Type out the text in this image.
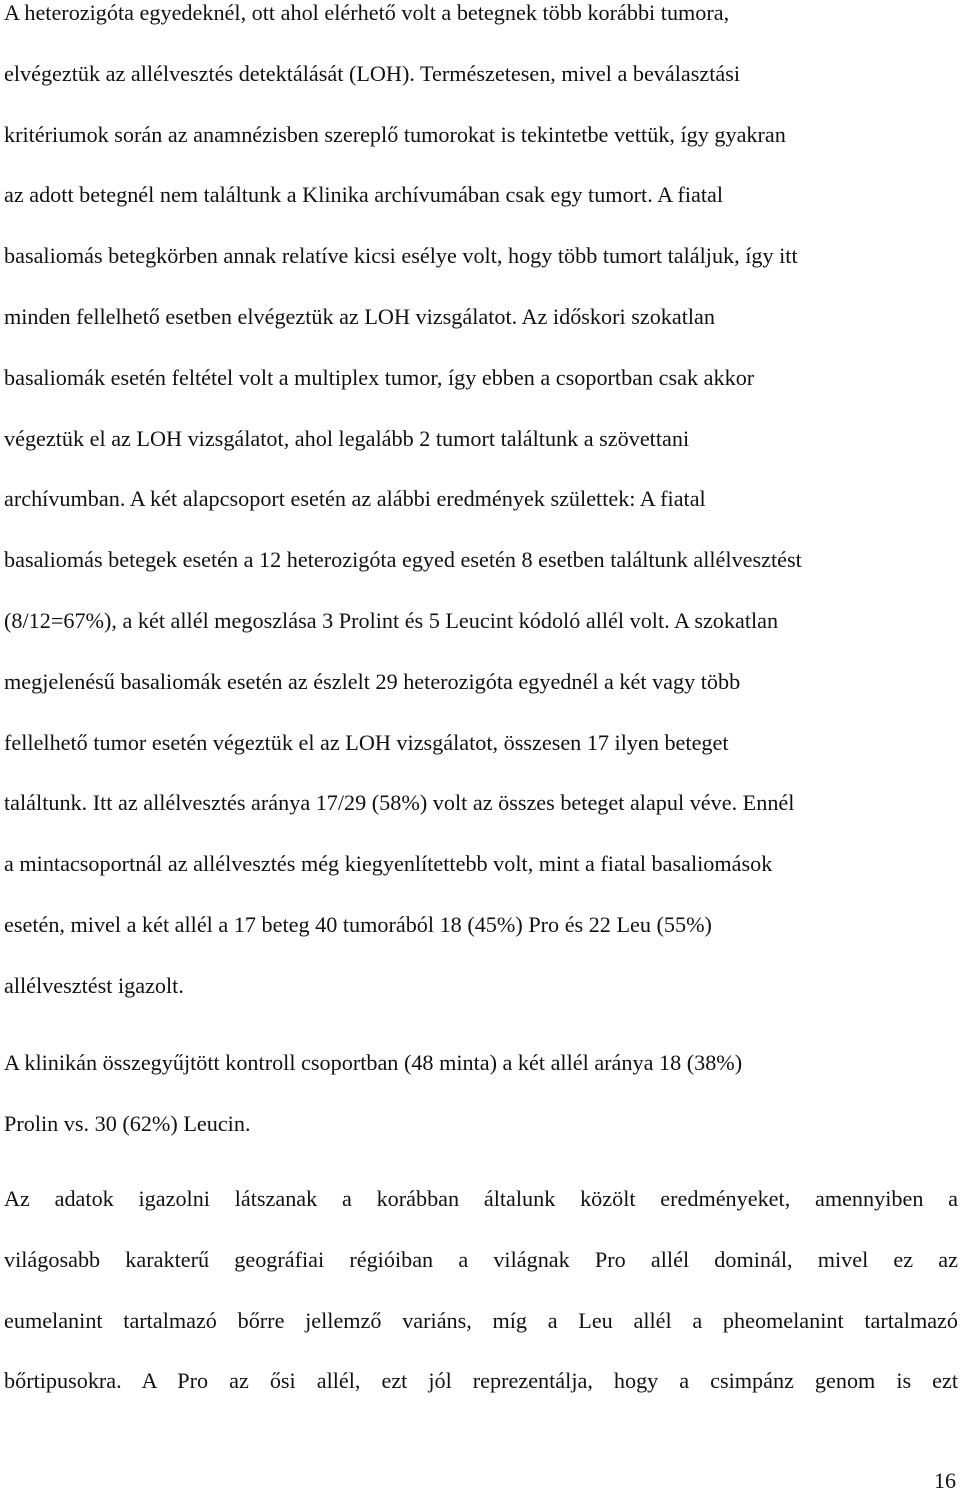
A heterozigóta egyedeknél, ott ahol elérhető volt a betegnek több korábbi tumora,
elvégeztük az allélvesztés detektálását (LOH). Természetesen, mivel a beválasztási
kritériumok során az anamnézisben szereplő tumorokat is tekintetbe vettük, így gyakran
az adott betegnél nem találtunk a Klinika archívumában csak egy tumort. A fiatal
basaliomás betegkörben annak relatíve kicsi esélye volt, hogy több tumort találjuk, így itt
minden fellelhető esetben elvégeztük az LOH vizsgálatot. Az időskori szokatlan
basaliomák esetén feltétel volt a multiplex tumor, így ebben a csoportban csak akkor
végeztük el az LOH vizsgálatot, ahol legalább 2 tumort találtunk a szövettani
archívumban. A két alapcsoport esetén az alábbi eredmények születtek: A fiatal
basaliomás betegek esetén a 12 heterozigóta egyed esetén 8 esetben találtunk allélvesztést
(8/12=67%), a két allél megoszlása 3 Prolint és 5 Leucint kódoló allél volt. A szokatlan
megjelenésű basaliomák esetén az észlelt 29 heterozigóta egyednél a két vagy több
fellelhető tumor esetén végeztük el az LOH vizsgálatot, összesen 17 ilyen beteget
találtunk. Itt az allélvesztés aránya 17/29 (58%) volt az összes beteget alapul véve. Ennél
a mintacsoportnál az allélvesztés még kiegyenlítettebb volt, mint a fiatal basaliomások
esetén, mivel a két allél a 17 beteg 40 tumorából 18 (45%) Pro és 22 Leu (55%)
allélvesztést igazolt.

A klinikán összegyűjtött kontroll csoportban (48 minta) a két allél aránya 18 (38%)
Prolin vs. 30 (62%) Leucin.

Az adatok igazolni látszanak a korábban általunk közölt eredményeket, amennyiben a
világosabb karakterű geográfiai régióiban a világnak Pro allél dominál, mivel ez az
eumelanint tartalmazó bőrre jellemző variáns, míg a Leu allél a pheomelanint tartalmazó
bőrtipusokra. A Pro az ősi allél, ezt jól reprezentálja, hogy a csimpánz genom is ezt

16
